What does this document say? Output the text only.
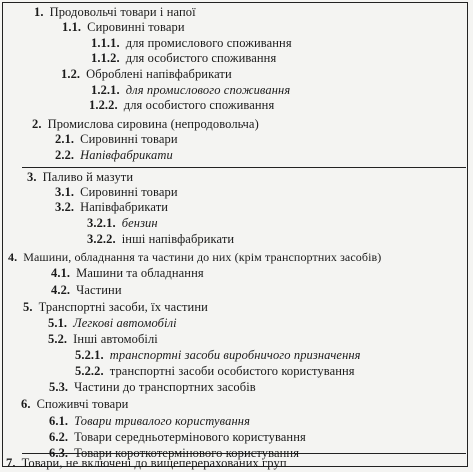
1. Продовольчі товари і напої
1.1. Сировинні товари
1.1.1. для промислового споживання
1.1.2. для особистого споживання
1.2. Оброблені напівфабрикати
1.2.1. для промислового споживання
1.2.2. для особистого споживання
2. Промислова сировина (непродовольча)
2.1. Сировинні товари
2.2. Напівфабрикати
3. Паливо й мазути
3.1. Сировинні товари
3.2. Напівфабрикати
3.2.1. бензин
3.2.2. інші напівфабрикати
4. Машини, обладнання та частини до них (крім транспортних засобів)
4.1. Машини та обладнання
4.2. Частини
5. Транспортні засоби, їх частини
5.1. Легкові автомобілі
5.2. Інші автомобілі
5.2.1. транспортні засоби виробничого призначення
5.2.2. транспортні засоби особистого користування
5.3. Частини до транспортних засобів
6. Споживчі товари
6.1. Товари тривалого користування
6.2. Товари середньотермінового користування
6.3. Товари короткотермінового користування
7. Товари, не включені до вищеперерахованих груп
